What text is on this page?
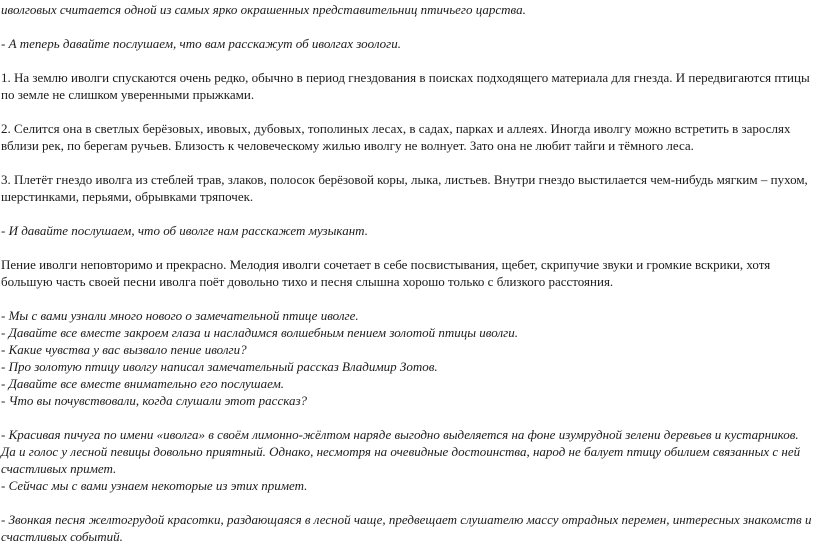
иволговых считается одной из самых ярко окрашенных представительниц птичьего царства.

- А теперь давайте послушаем, что вам расскажут об иволгах зоологи.

1. На землю иволги спускаются очень редко, обычно в период гнездования в поисках подходящего материала для гнезда. И передвигаются птицы по земле не слишком уверенными прыжками.

2. Селится она в светлых берёзовых, ивовых, дубовых, тополиных лесах, в садах, парках и аллеях. Иногда иволгу можно встретить в зарослях вблизи рек, по берегам ручьев. Близость к человеческому жилью иволгу не волнует. Зато она не любит тайги и тёмного леса.

3. Плетёт гнездо иволга из стеблей трав, злаков, полосок берёзовой коры, лыка, листьев. Внутри гнездо выстилается чем-нибудь мягким – пухом, шерстинками, перьями, обрывками тряпочек.

- И давайте послушаем, что об иволге нам расскажет музыкант.

Пение иволги неповторимо и прекрасно. Мелодия иволги сочетает в себе посвистывания, щебет, скрипучие звуки и громкие вскрики, хотя большую часть своей песни иволга поёт довольно тихо и песня слышна хорошо только с близкого расстояния.

- Мы с вами узнали много нового о замечательной птице иволге.

- Давайте все вместе закроем глаза и насладимся волшебным пением золотой птицы иволги.

- Какие чувства у вас вызвало пение иволги?

- Про золотую птицу иволгу написал замечательный рассказ Владимир Зотов.

- Давайте все вместе внимательно его послушаем.

- Что вы почувствовали, когда слушали этот рассказ?

- Красивая пичуга по имени «иволга» в своём лимонно-жёлтом наряде выгодно выделяется на фоне изумрудной зелени деревьев и кустарников. Да и голос у лесной певицы довольно приятный. Однако, несмотря на очевидные достоинства, народ не балует птицу обилием связанных с ней счастливых примет.

- Сейчас мы с вами узнаем некоторые из этих примет.

- Звонкая песня желтогрудой красотки, раздающаяся в лесной чаще, предвещает слушателю массу отрадных перемен, интересных знакомств и счастливых событий.
